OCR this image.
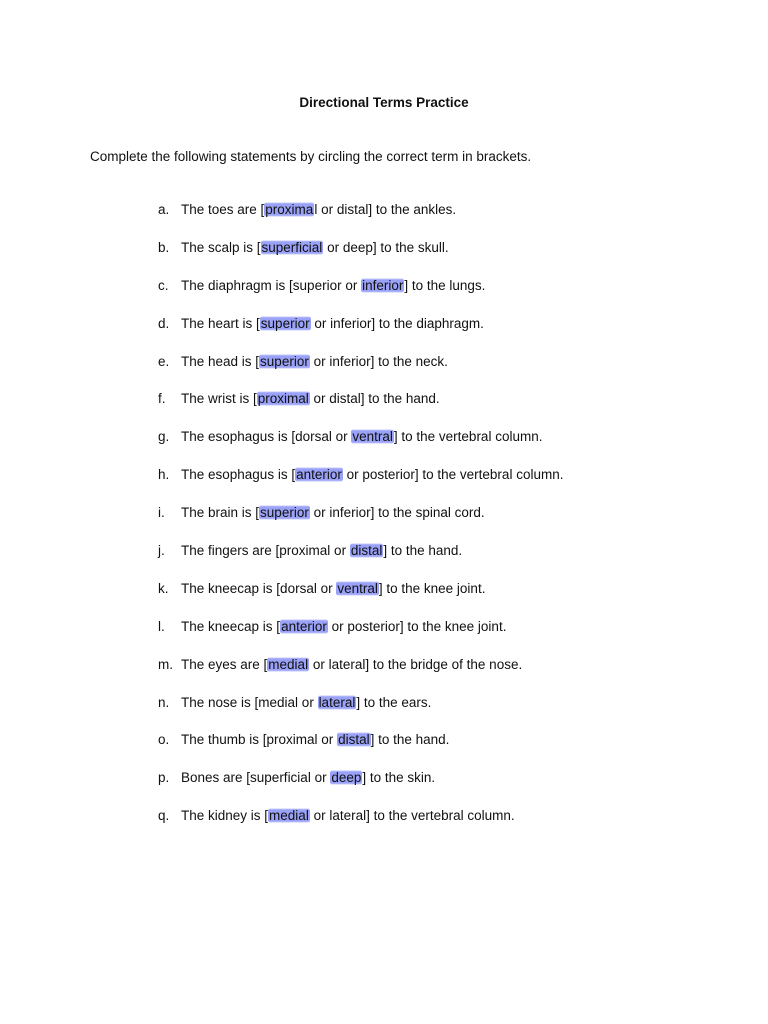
Directional Terms Practice
Complete the following statements by circling the correct term in brackets.
a. The toes are [proximal or distal] to the ankles.
b. The scalp is [superficial or deep] to the skull.
c. The diaphragm is [superior or inferior] to the lungs.
d. The heart is [superior or inferior] to the diaphragm.
e. The head is [superior or inferior] to the neck.
f.	The wrist is [proximal or distal] to the hand.
g. The esophagus is [dorsal or ventral] to the vertebral column.
h. The esophagus is [anterior or posterior] to the vertebral column.
i.	The brain is [superior or inferior] to the spinal cord.
j.	The fingers are [proximal or distal] to the hand.
k. The kneecap is [dorsal or ventral] to the knee joint.
l.	The kneecap is [anterior or posterior] to the knee joint.
m. The eyes are [medial or lateral] to the bridge of the nose.
n. The nose is [medial or lateral] to the ears.
o. The thumb is [proximal or distal] to the hand.
p. Bones are [superficial or deep] to the skin.
q. The kidney is [medial or lateral] to the vertebral column.
